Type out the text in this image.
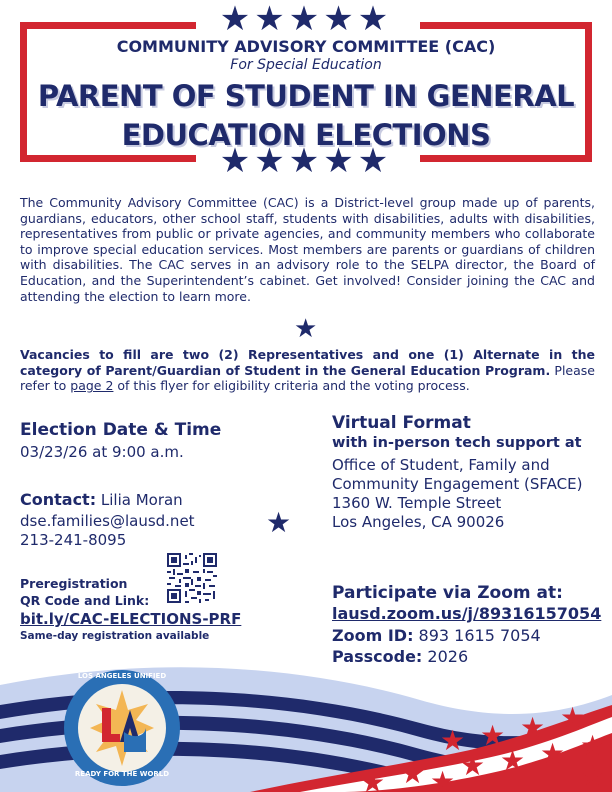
★★★★★
★★★★★
COMMUNITY ADVISORY COMMITTEE (CAC)
For Special Education
PARENT OF STUDENT IN GENERAL
EDUCATION ELECTIONS
The Community Advisory Committee (CAC) is a District-level group made up of parents, guardians, educators, other school staff, students with disabilities, adults with disabilities, representatives from public or private agencies, and community members who collaborate to improve special education services. Most members are parents or guardians of children with disabilities. The CAC serves in an advisory role to the SELPA director, the Board of Education, and the Superintendent’s cabinet. Get involved! Consider joining the CAC and attending the election to learn more.
★
Vacancies to fill are two (2) Representatives and one (1) Alternate in the category of Parent/Guardian of Student in the General Education Program. Please refer to page 2 of this flyer for eligibility criteria and the voting process.
Election Date & Time
03/23/26 at 9:00 a.m.
Contact: Lilia Moran
dse.families@lausd.net
213-241-8095
★
Preregistration
QR Code and Link:
bit.ly/CAC-ELECTIONS-PRF
Same-day registration available
Virtual Format
with in-person tech support at
Office of Student, Family and
Community Engagement (SFACE)
1360 W. Temple Street
Los Angeles, CA 90026
Participate via Zoom at:
lausd.zoom.us/j/89316157054
Zoom ID: 893 1615 7054
Passcode: 2026
★ ★ ★ ★
★ ★ ★ ★
★ ★
★	★
LOS ANGELES UNIFIED
READY FOR THE WORLD
